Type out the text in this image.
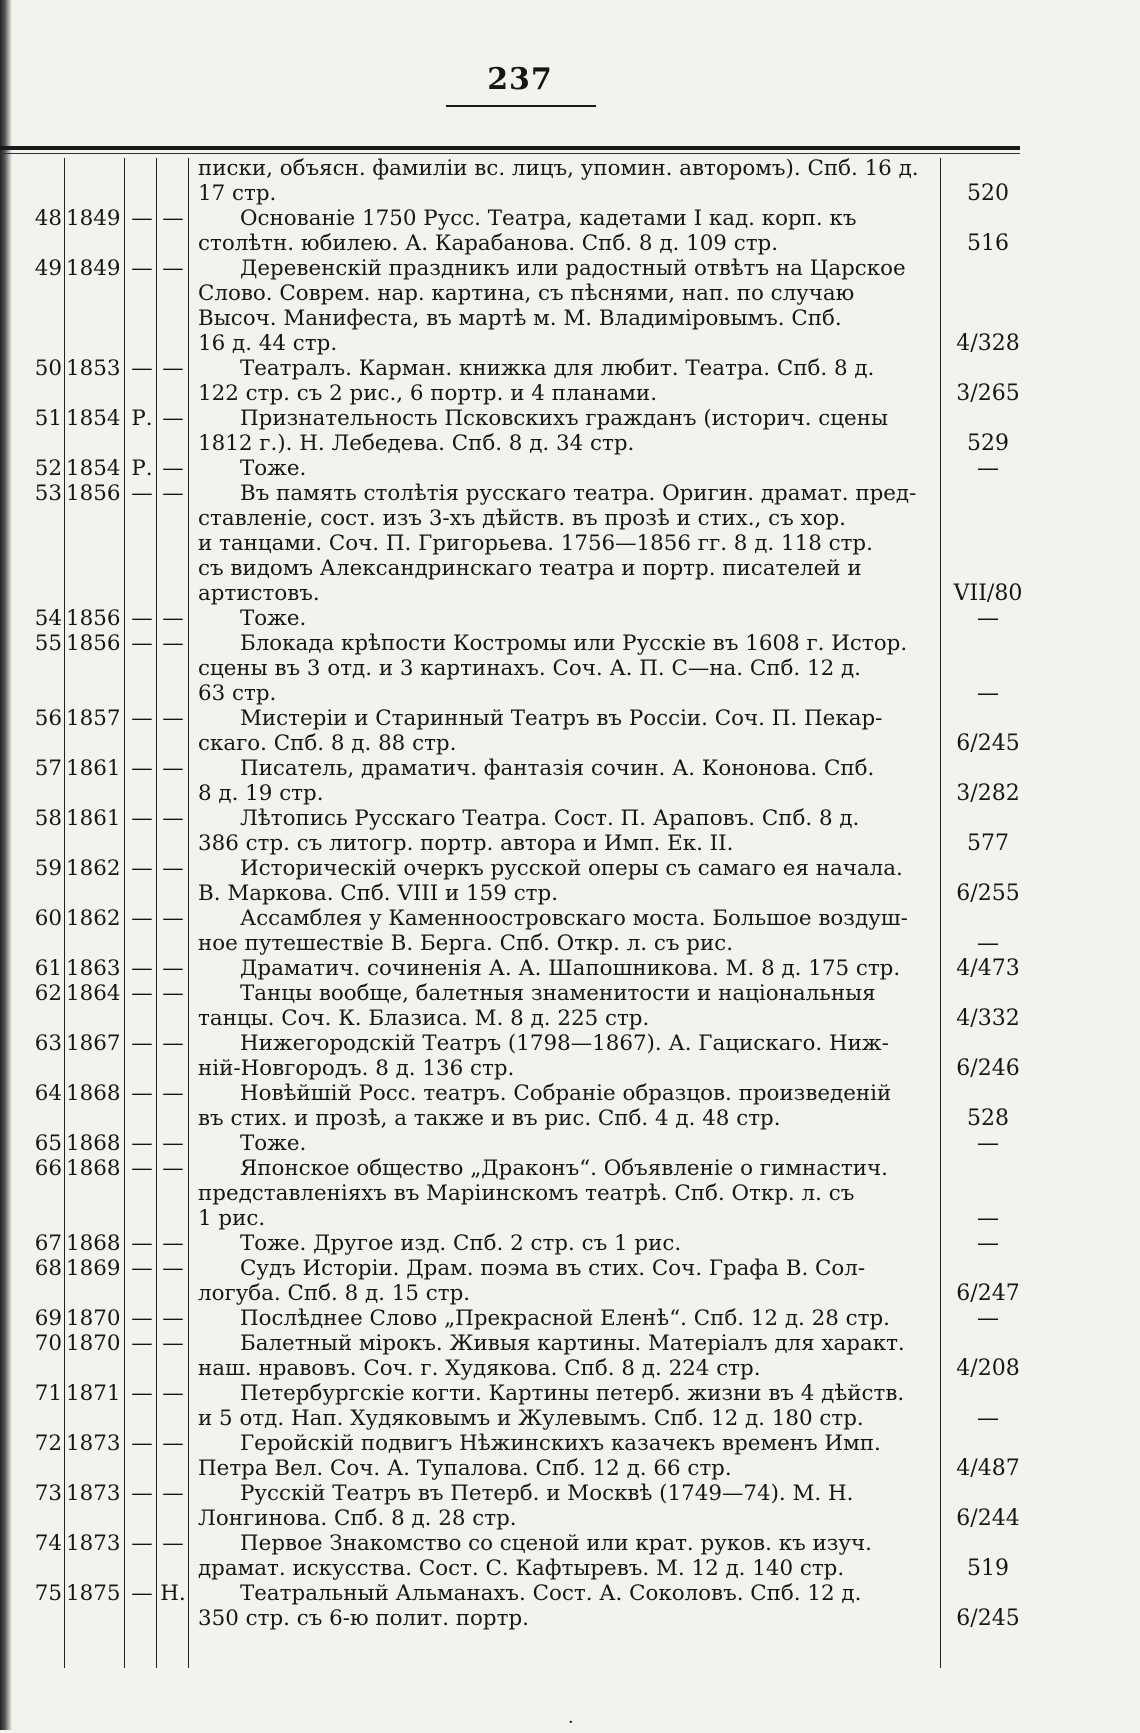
237
писки, объясн. фамилiи вс. лицъ, упомин. авторомъ). Спб. 16 д.
17 стр.	520
48 1849 — —	Основанiе 1750 Русс. Театра, кадетами I кад. корп. къ
столѣтн. юбилею. А. Карабанова. Спб. 8 д. 109 стр.	516
49 1849 — —	Деревенскiй праздникъ или радостный отвѣтъ на Царское
Слово. Соврем. нар. картина, съ пѣснями, нап. по случаю
Высоч. Манифеста, въ мартѣ м. М. Владимiровымъ. Спб.
16 д. 44 стр.	4/328
50 1853 — —	Театралъ. Карман. книжка для любит. Театра. Спб. 8 д.
122 стр. съ 2 рис., 6 портр. и 4 планами.	3/265
51 1854 Р. —	Признательность Псковскихъ гражданъ (историч. сцены
1812 г.). Н. Лебедева. Спб. 8 д. 34 стр.	529
52 1854 Р. —	Тоже.	—
53 1856 — —	Въ память столѣтiя русскаго театра. Оригин. драмат. пред-
ставленiе, сост. изъ 3-хъ дѣйств. въ прозѣ и стих., съ хор.
и танцами. Соч. П. Григорьева. 1756—1856 гг. 8 д. 118 стр.
съ видомъ Александринскаго театра и портр. писателей и
артистовъ.	VII/80
54 1856 — —	Тоже.	—
55 1856 — —	Блокада крѣпости Костромы или Русскiе въ 1608 г. Истор.
сцены въ 3 отд. и 3 картинахъ. Соч. А. П. С—на. Спб. 12 д.
63 стр.	—
56 1857 — —	Мистерiи и Старинный Театръ въ Россiи. Соч. П. Пекар-
скаго. Спб. 8 д. 88 стр.	6/245
57 1861 — —	Писатель, драматич. фантазiя сочин. А. Кононова. Спб.
8 д. 19 стр.	3/282
58 1861 — —	Лѣтопись Русскаго Театра. Сост. П. Араповъ. Спб. 8 д.
386 стр. съ литогр. портр. автора и Имп. Ек. II.	577
59 1862 — —	Историческiй очеркъ русской оперы съ самаго ея начала.
В. Маркова. Спб. VIII и 159 стр.	6/255
60 1862 — —	Ассамблея у Каменноостровскаго моста. Большое воздуш-
ное путешествiе В. Берга. Спб. Откр. л. съ рис.	—
61 1863 — —	Драматич. сочиненiя А. А. Шапошникова. М. 8 д. 175 стр.	4/473
62 1864 — —	Танцы вообще, балетныя знаменитости и нацiональныя
танцы. Соч. К. Блазиса. М. 8 д. 225 стр.	4/332
63 1867 — —	Нижегородскiй Театръ (1798—1867). А. Гацискаго. Ниж-
нiй-Новгородъ. 8 д. 136 стр.	6/246
64 1868 — —	Новѣйшiй Росс. театръ. Собранiе образцов. произведенiй
въ стих. и прозѣ, а также и въ рис. Спб. 4 д. 48 стр.	528
65 1868 — —	Тоже.	—
66 1868 — —	Японское общество „Драконъ“. Объявленiе о гимнастич.
представленiяхъ въ Марiинскомъ театрѣ. Спб. Откр. л. съ
1 рис.	—
67 1868 — —	Тоже. Другое изд. Спб. 2 стр. съ 1 рис.	—
68 1869 — —	Судъ Исторiи. Драм. поэма въ стих. Соч. Графа В. Сол-
логуба. Спб. 8 д. 15 стр.	6/247
69 1870 — —	Послѣднее Слово „Прекрасной Еленѣ“. Спб. 12 д. 28 стр.	—
70 1870 — —	Балетный мiрокъ. Живыя картины. Матерiалъ для характ.
наш. нравовъ. Соч. г. Худякова. Спб. 8 д. 224 стр.	4/208
71 1871 — —	Петербургскiе когти. Картины петерб. жизни въ 4 дѣйств.
и 5 отд. Нап. Худяковымъ и Жулевымъ. Спб. 12 д. 180 стр.	—
72 1873 — —	Геройскiй подвигъ Нѣжинскихъ казачекъ временъ Имп.
Петра Вел. Соч. А. Тупалова. Спб. 12 д. 66 стр.	4/487
73 1873 — —	Русскiй Театръ въ Петерб. и Москвѣ (1749—74). М. Н.
Лонгинова. Спб. 8 д. 28 стр.	6/244
74 1873 — —	Первое Знакомство со сценой или крат. руков. къ изуч.
драмат. искусства. Сост. С. Кафтыревъ. М. 12 д. 140 стр.	519
75 1875 — Н.	Театральный Альманахъ. Сост. А. Соколовъ. Спб. 12 д.
350 стр. съ 6-ю полит. портр.	6/245
·
